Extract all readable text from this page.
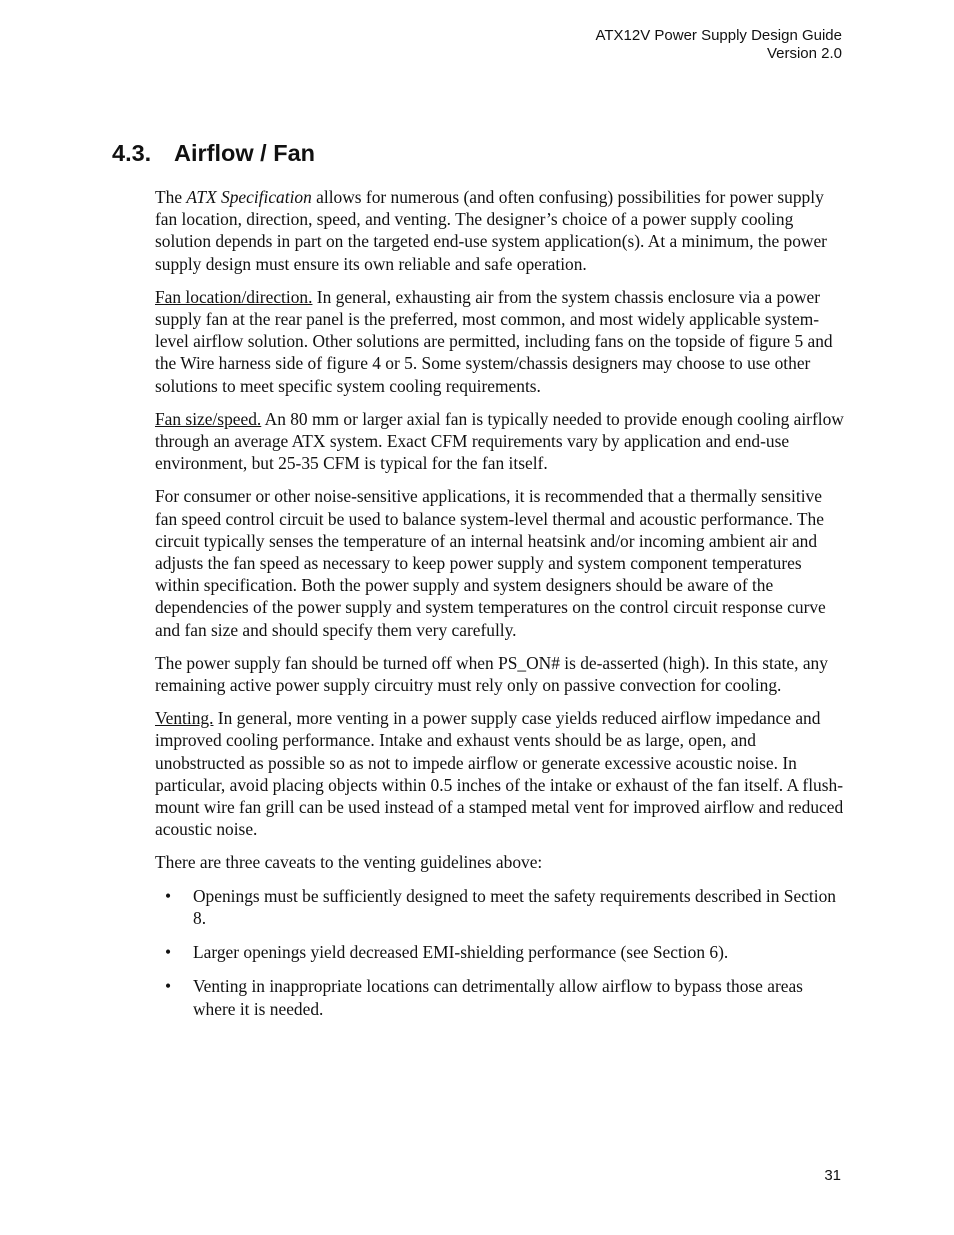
ATX12V Power Supply Design Guide
Version 2.0
4.3. Airflow / Fan

The ATX Specification allows for numerous (and often confusing) possibilities for power supply fan location, direction, speed, and venting. The designer’s choice of a power supply cooling solution depends in part on the targeted end-use system application(s). At a minimum, the power supply design must ensure its own reliable and safe operation.

Fan location/direction. In general, exhausting air from the system chassis enclosure via a power supply fan at the rear panel is the preferred, most common, and most widely applicable system-level airflow solution. Other solutions are permitted, including fans on the topside of figure 5 and the Wire harness side of figure 4 or 5. Some system/chassis designers may choose to use other solutions to meet specific system cooling requirements.

Fan size/speed. An 80 mm or larger axial fan is typically needed to provide enough cooling airflow through an average ATX system. Exact CFM requirements vary by application and end-use environment, but 25-35 CFM is typical for the fan itself.

For consumer or other noise-sensitive applications, it is recommended that a thermally sensitive fan speed control circuit be used to balance system-level thermal and acoustic performance. The circuit typically senses the temperature of an internal heatsink and/or incoming ambient air and adjusts the fan speed as necessary to keep power supply and system component temperatures within specification. Both the power supply and system designers should be aware of the dependencies of the power supply and system temperatures on the control circuit response curve and fan size and should specify them very carefully.

The power supply fan should be turned off when PS_ON# is de-asserted (high). In this state, any remaining active power supply circuitry must rely only on passive convection for cooling.

Venting. In general, more venting in a power supply case yields reduced airflow impedance and improved cooling performance. Intake and exhaust vents should be as large, open, and unobstructed as possible so as not to impede airflow or generate excessive acoustic noise. In particular, avoid placing objects within 0.5 inches of the intake or exhaust of the fan itself. A flush-mount wire fan grill can be used instead of a stamped metal vent for improved airflow and reduced acoustic noise.

There are three caveats to the venting guidelines above:

• Openings must be sufficiently designed to meet the safety requirements described in Section 8.
• Larger openings yield decreased EMI-shielding performance (see Section 6).
• Venting in inappropriate locations can detrimentally allow airflow to bypass those areas where it is needed.
31
